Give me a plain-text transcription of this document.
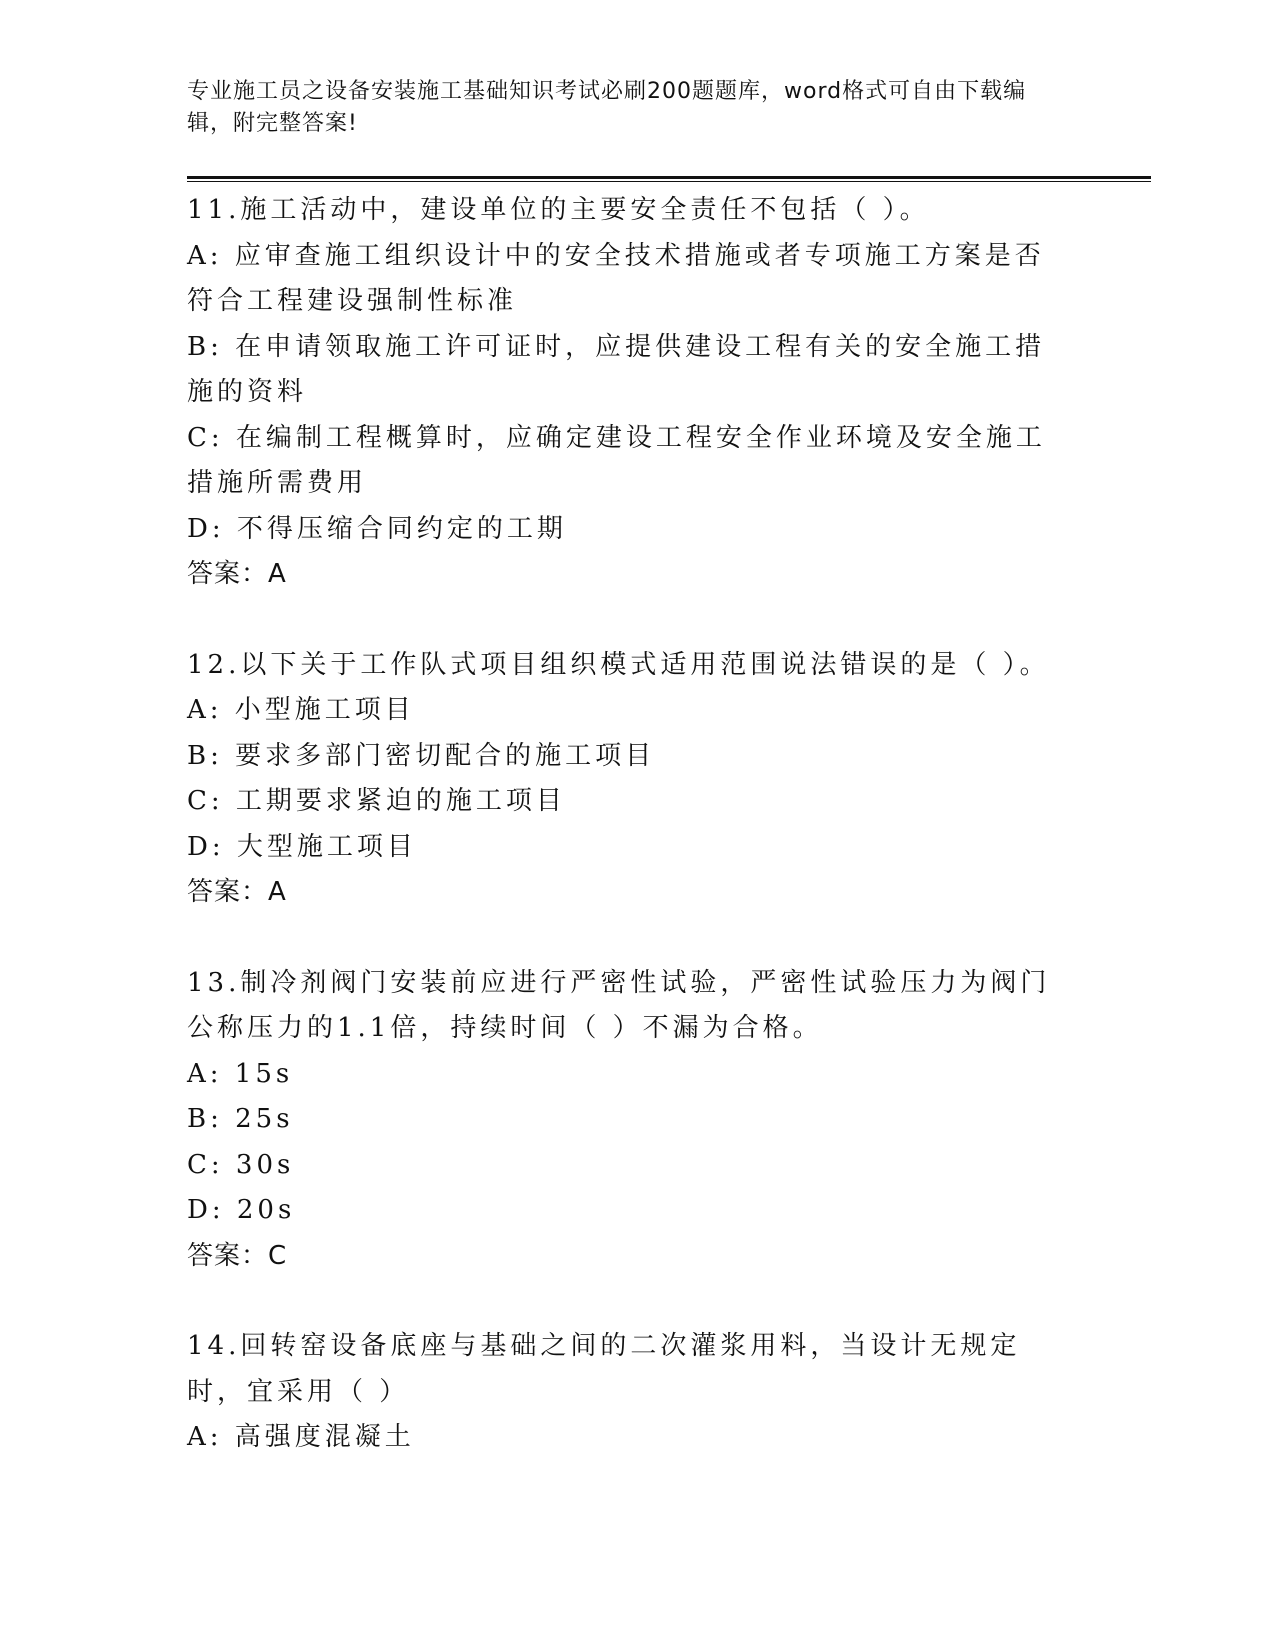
专业施工员之设备安装施工基础知识考试必刷200题题库，word格式可自由下载编辑，附完整答案!

11.施工活动中，建设单位的主要安全责任不包括（ ）。

A: 应审查施工组织设计中的安全技术措施或者专项施工方案是否符合工程建设强制性标准

B: 在申请领取施工许可证时，应提供建设工程有关的安全施工措施的资料

C: 在编制工程概算时，应确定建设工程安全作业环境及安全施工措施所需费用

D: 不得压缩合同约定的工期

答案：A

12.以下关于工作队式项目组织模式适用范围说法错误的是（ ）。

A: 小型施工项目

B: 要求多部门密切配合的施工项目

C: 工期要求紧迫的施工项目

D: 大型施工项目

答案：A

13.制冷剂阀门安装前应进行严密性试验，严密性试验压力为阀门公称压力的1.1倍，持续时间（ ）不漏为合格。

A: 15s

B: 25s

C: 30s

D: 20s

答案：C

14.回转窑设备底座与基础之间的二次灌浆用料，当设计无规定时，宜采用（ ）

A: 高强度混凝土
